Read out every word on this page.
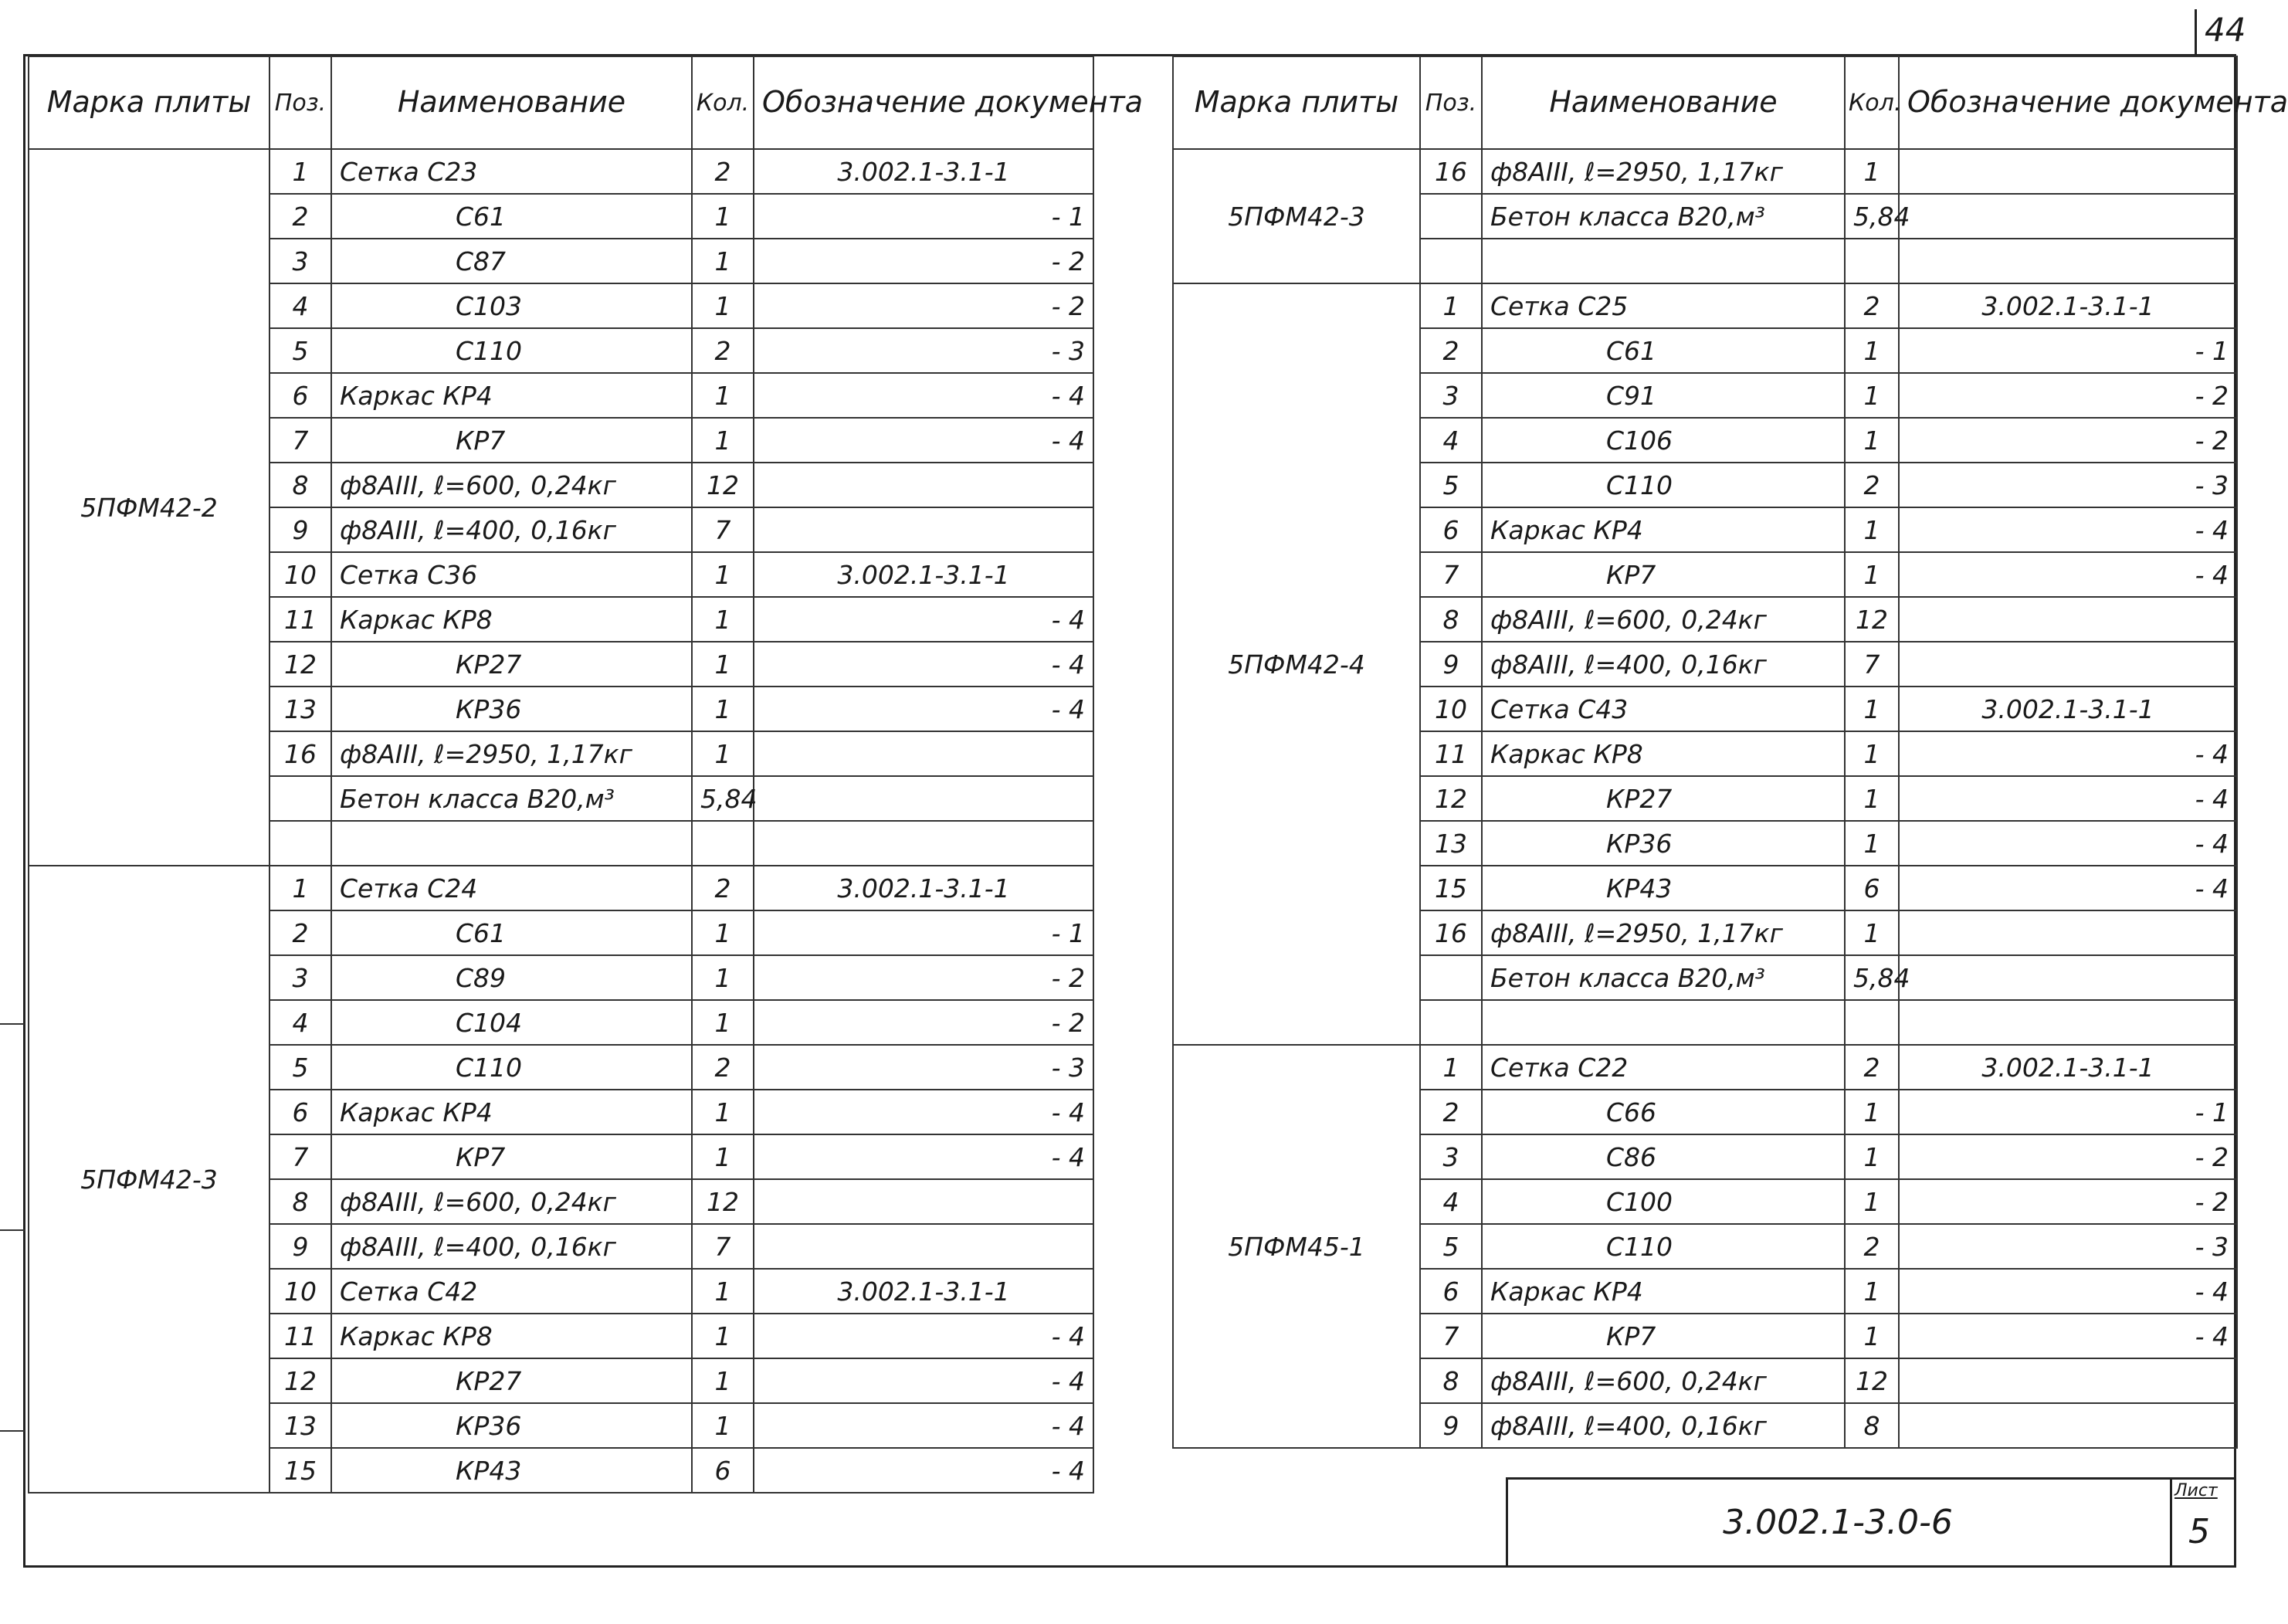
44
Марка плиты	Поз.	Наименование	Кол.	Обозначение документа
5ПФМ42-2	1	Сетка С23	2	3.002.1-3.1-1
	2	С61	1	- 1
	3	С87	1	- 2
	4	С103	1	- 2
	5	С110	2	- 3
	6	Каркас КР4	1	- 4
	7	КР7	1	- 4
	8	ф8АIII, ℓ=600, 0,24кг	12	
	9	ф8АIII, ℓ=400, 0,16кг	7	
	10	Сетка С36	1	3.002.1-3.1-1
	11	Каркас КР8	1	- 4
	12	КР27	1	- 4
	13	КР36	1	- 4
	16	ф8АIII, ℓ=2950, 1,17кг	1	
		Бетон класса В20,м³	5,84	

5ПФМ42-3	1	Сетка С24	2	3.002.1-3.1-1
	2	С61	1	- 1
	3	С89	1	- 2
	4	С104	1	- 2
	5	С110	2	- 3
	6	Каркас КР4	1	- 4
	7	КР7	1	- 4
	8	ф8АIII, ℓ=600, 0,24кг	12	
	9	ф8АIII, ℓ=400, 0,16кг	7	
	10	Сетка С42	1	3.002.1-3.1-1
	11	Каркас КР8	1	- 4
	12	КР27	1	- 4
	13	КР36	1	- 4
	15	КР43	6	- 4
Марка плиты	Поз.	Наименование	Кол.	Обозначение документа
5ПФМ42-3	16	ф8АIII, ℓ=2950, 1,17кг	1	
		Бетон класса В20,м³	5,84	

5ПФМ42-4	1	Сетка С25	2	3.002.1-3.1-1
	2	С61	1	- 1
	3	С91	1	- 2
	4	С106	1	- 2
	5	С110	2	- 3
	6	Каркас КР4	1	- 4
	7	КР7	1	- 4
	8	ф8АIII, ℓ=600, 0,24кг	12	
	9	ф8АIII, ℓ=400, 0,16кг	7	
	10	Сетка С43	1	3.002.1-3.1-1
	11	Каркас КР8	1	- 4
	12	КР27	1	- 4
	13	КР36	1	- 4
	15	КР43	6	- 4
	16	ф8АIII, ℓ=2950, 1,17кг	1	
		Бетон класса В20,м³	5,84	

5ПФМ45-1	1	Сетка С22	2	3.002.1-3.1-1
	2	С66	1	- 1
	3	С86	1	- 2
	4	С100	1	- 2
	5	С110	2	- 3
	6	Каркас КР4	1	- 4
	7	КР7	1	- 4
	8	ф8АIII, ℓ=600, 0,24кг	12	
	9	ф8АIII, ℓ=400, 0,16кг	8	
3.002.1-3.0-6
Лист
5
